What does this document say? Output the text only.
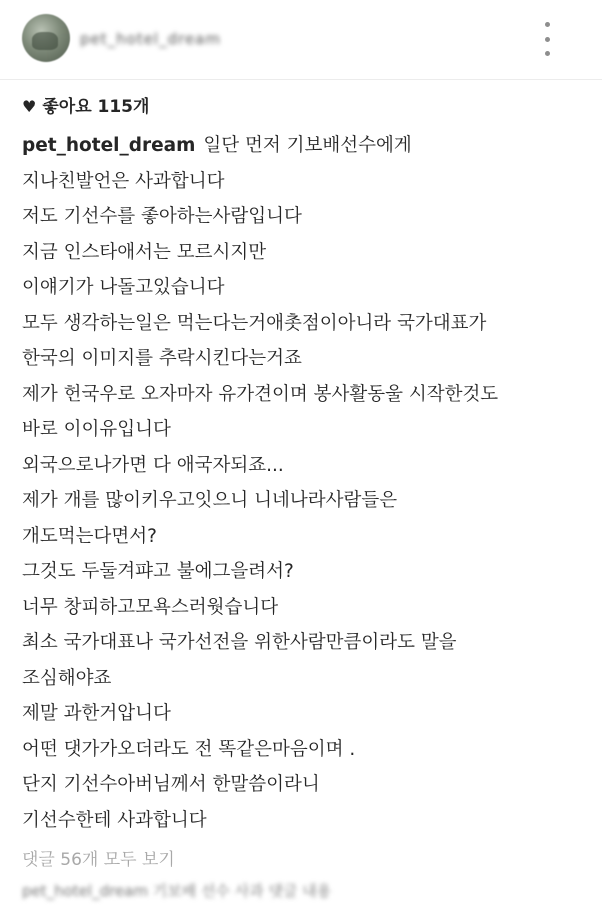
pet_hotel_dream
♥ 좋아요 115개
pet_hotel_dream 일단 먼저 기보배선수에게
지나친발언은 사과합니다
저도 기선수를 좋아하는사람입니다
지금 인스타애서는 모르시지만
이얘기가 나돌고있습니다
모두 생각하는일은 먹는다는거애촛점이아니라 국가대표가
한국의 이미지를 추락시킨다는거죠
제가 헌국우로 오자마자 유가견이며 봉사활동울 시작한것도
바로 이이유입니다
외국으로나가면 다 애국자되죠...
제가 개를 많이키우고잇으니 니네나라사람들은
개도먹는다면서?
그것도 두둘겨퍄고 불에그을려서?
너무 창피하고모욕스러웟습니다
최소 국가대표나 국가선전을 위한사람만큼이라도 말을
조심해야죠
제말 과한거압니다
어떤 댓가가오더라도 전 똑같은마음이며 .
단지 기선수아버님께서 한말씀이라니
기선수한테 사과합니다
댓글 56개 모두 보기
pet_hotel_dream 기보배 선수 사과 댓글 내용
